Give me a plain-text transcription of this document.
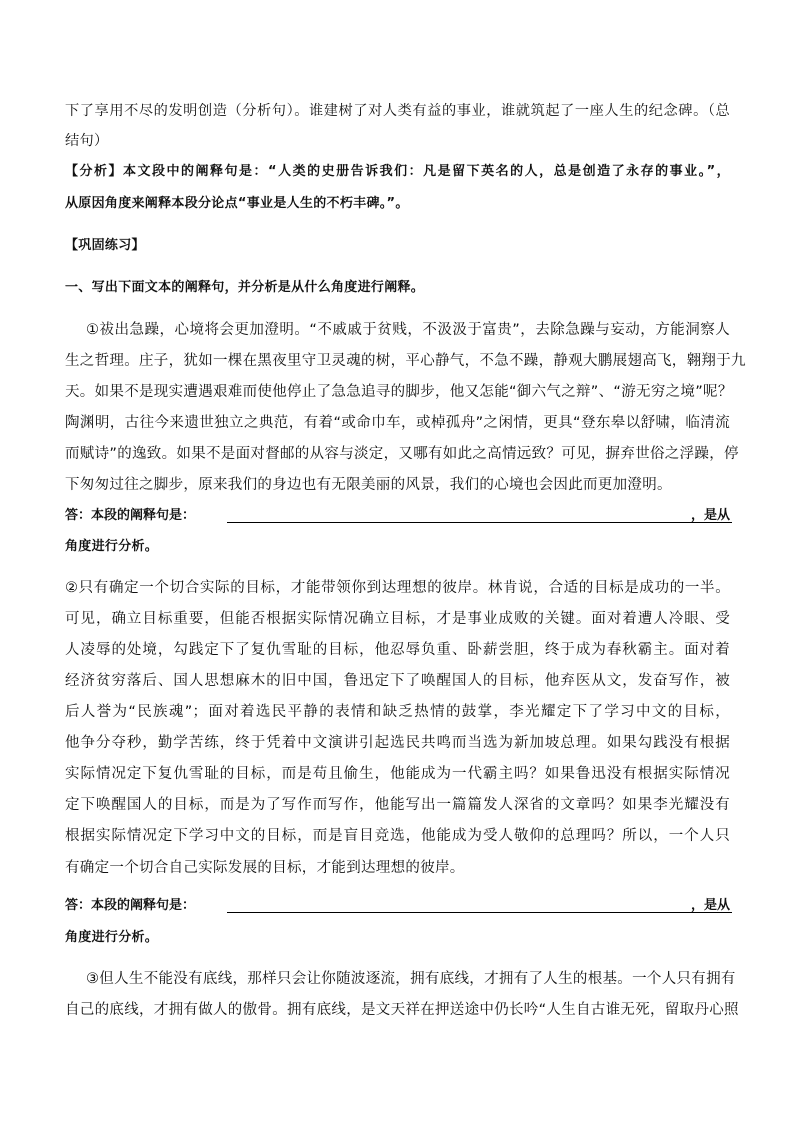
下了享用不尽的发明创造（分析句）。谁建树了对人类有益的事业，谁就筑起了一座人生的纪念碑。（总
结句）
【分析】本文段中的阐释句是：“人类的史册告诉我们：凡是留下英名的人，总是创造了永存的事业。”，
从原因角度来阐释本段分论点“事业是人生的不朽丰碑。”。
【巩固练习】
一、写出下面文本的阐释句，并分析是从什么角度进行阐释。
①祓出急躁，心境将会更加澄明。“不戚戚于贫贱，不汲汲于富贵”，去除急躁与妄动，方能洞察人
生之哲理。庄子，犹如一棵在黑夜里守卫灵魂的树，平心静气，不急不躁，静观大鹏展翅高飞，翱翔于九
天。如果不是现实遭遇艰难而使他停止了急急追寻的脚步，他又怎能“御六气之辩”、“游无穷之境”呢？
陶渊明，古往今来遗世独立之典范，有着“或命巾车，或棹孤舟”之闲情，更具“登东皋以舒啸，临清流
而赋诗”的逸致。如果不是面对督邮的从容与淡定，又哪有如此之高情远致？可见，摒弃世俗之浮躁，停
下匆匆过往之脚步，原来我们的身边也有无限美丽的风景，我们的心境也会因此而更加澄明。
答：本段的阐释句是：	，是从
角度进行分析。
②只有确定一个切合实际的目标，才能带领你到达理想的彼岸。林肯说，合适的目标是成功的一半。
可见，确立目标重要，但能否根据实际情况确立目标，才是事业成败的关键。面对着遭人冷眼、受
人凌辱的处境，勾践定下了复仇雪耻的目标，他忍辱负重、卧薪尝胆，终于成为春秋霸主。面对着
经济贫穷落后、国人思想麻木的旧中国，鲁迅定下了唤醒国人的目标，他弃医从文，发奋写作，被
后人誉为“民族魂”；面对着选民平静的表情和缺乏热情的鼓掌，李光耀定下了学习中文的目标，
他争分夺秒，勤学苦练，终于凭着中文演讲引起选民共鸣而当选为新加坡总理。如果勾践没有根据
实际情况定下复仇雪耻的目标，而是苟且偷生，他能成为一代霸主吗？如果鲁迅没有根据实际情况
定下唤醒国人的目标，而是为了写作而写作，他能写出一篇篇发人深省的文章吗？如果李光耀没有
根据实际情况定下学习中文的目标，而是盲目竞选，他能成为受人敬仰的总理吗？所以，一个人只
有确定一个切合自己实际发展的目标，才能到达理想的彼岸。
答：本段的阐释句是：	，是从
角度进行分析。
③但人生不能没有底线，那样只会让你随波逐流，拥有底线，才拥有了人生的根基。一个人只有拥有
自己的底线，才拥有做人的傲骨。拥有底线，是文天祥在押送途中仍长吟“人生自古谁无死，留取丹心照
